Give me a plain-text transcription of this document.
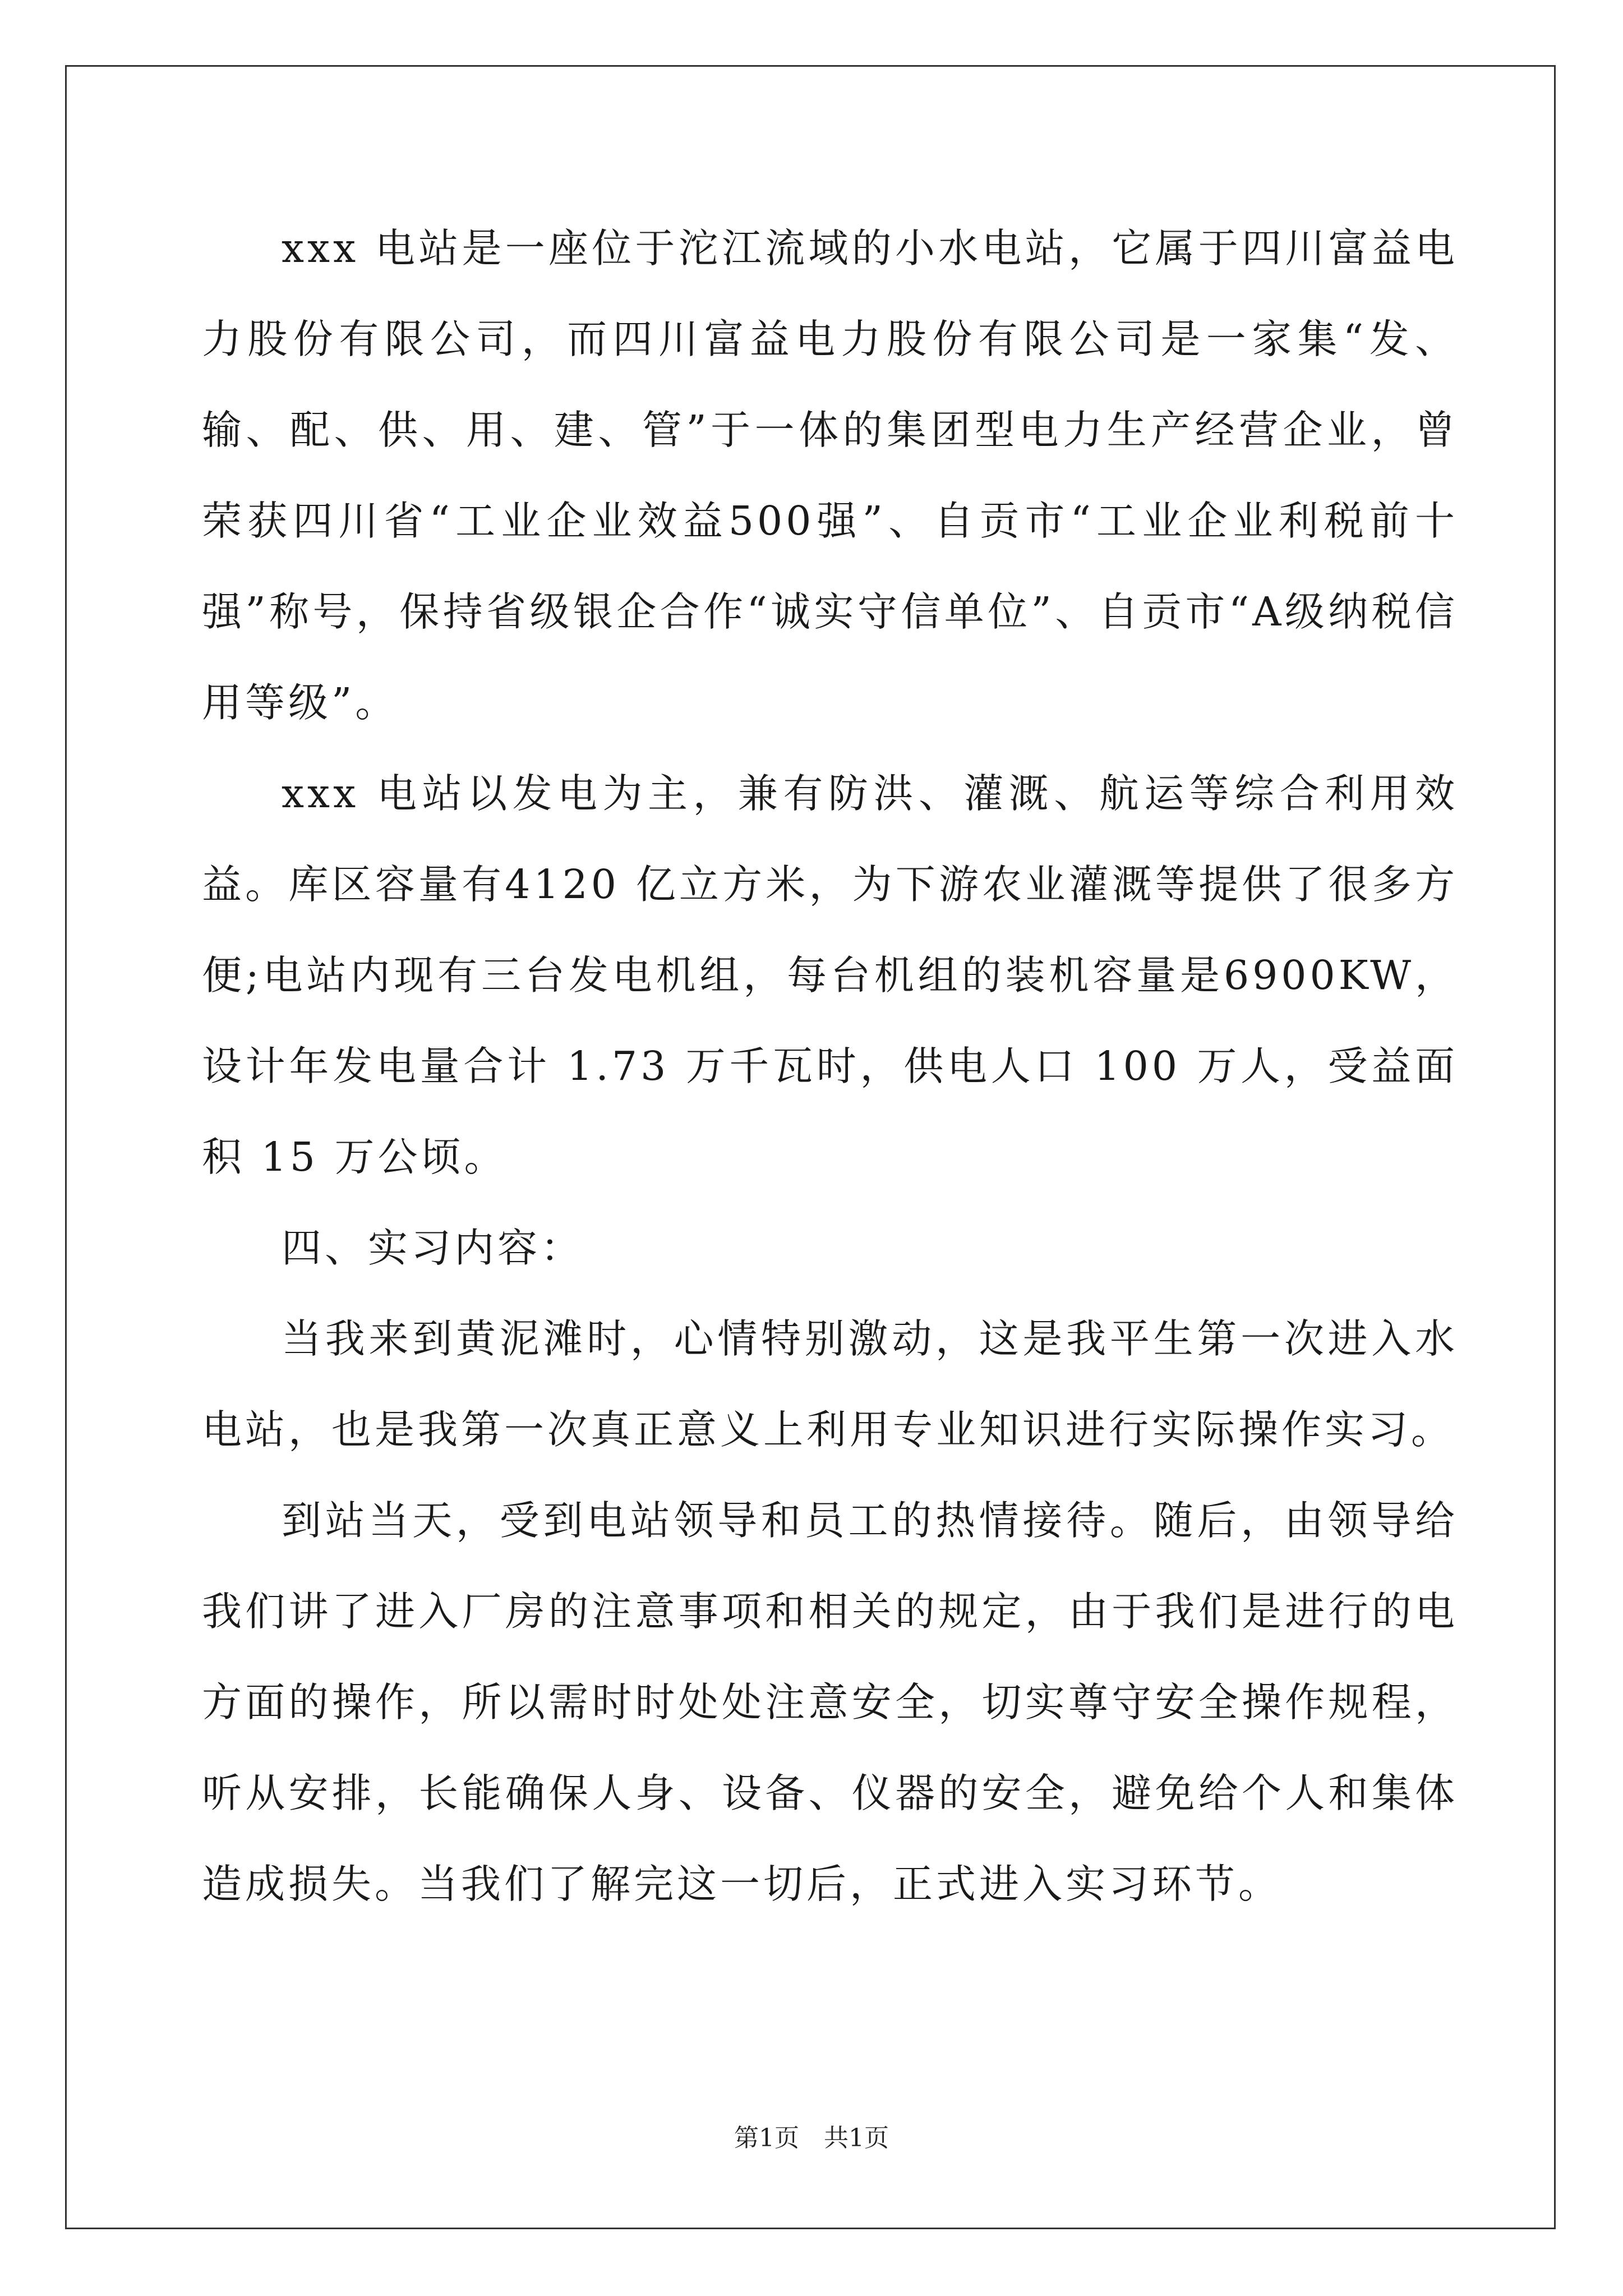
xxx 电站是一座位于沱江流域的小水电站，它属于四川富益电力股份有限公司，而四川富益电力股份有限公司是一家集“发、输、配、供、用、建、管”于一体的集团型电力生产经营企业，曾荣获四川省“工业企业效益500强”、自贡市“工业企业利税前十强”称号，保持省级银企合作“诚实守信单位”、自贡市“A级纳税信用等级”。

xxx 电站以发电为主，兼有防洪、灌溉、航运等综合利用效益。库区容量有4120 亿立方米，为下游农业灌溉等提供了很多方便;电站内现有三台发电机组，每台机组的装机容量是6900KW，设计年发电量合计 1.73 万千瓦时，供电人口 100 万人，受益面积 15 万公顷。

四、实习内容：

当我来到黄泥滩时，心情特别激动，这是我平生第一次进入水电站，也是我第一次真正意义上利用专业知识进行实际操作实习。

到站当天，受到电站领导和员工的热情接待。随后，由领导给我们讲了进入厂房的注意事项和相关的规定，由于我们是进行的电方面的操作，所以需时时处处注意安全，切实尊守安全操作规程，听从安排，长能确保人身、设备、仪器的安全，避免给个人和集体造成损失。当我们了解完这一切后，正式进入实习环节。

第1页 共1页
